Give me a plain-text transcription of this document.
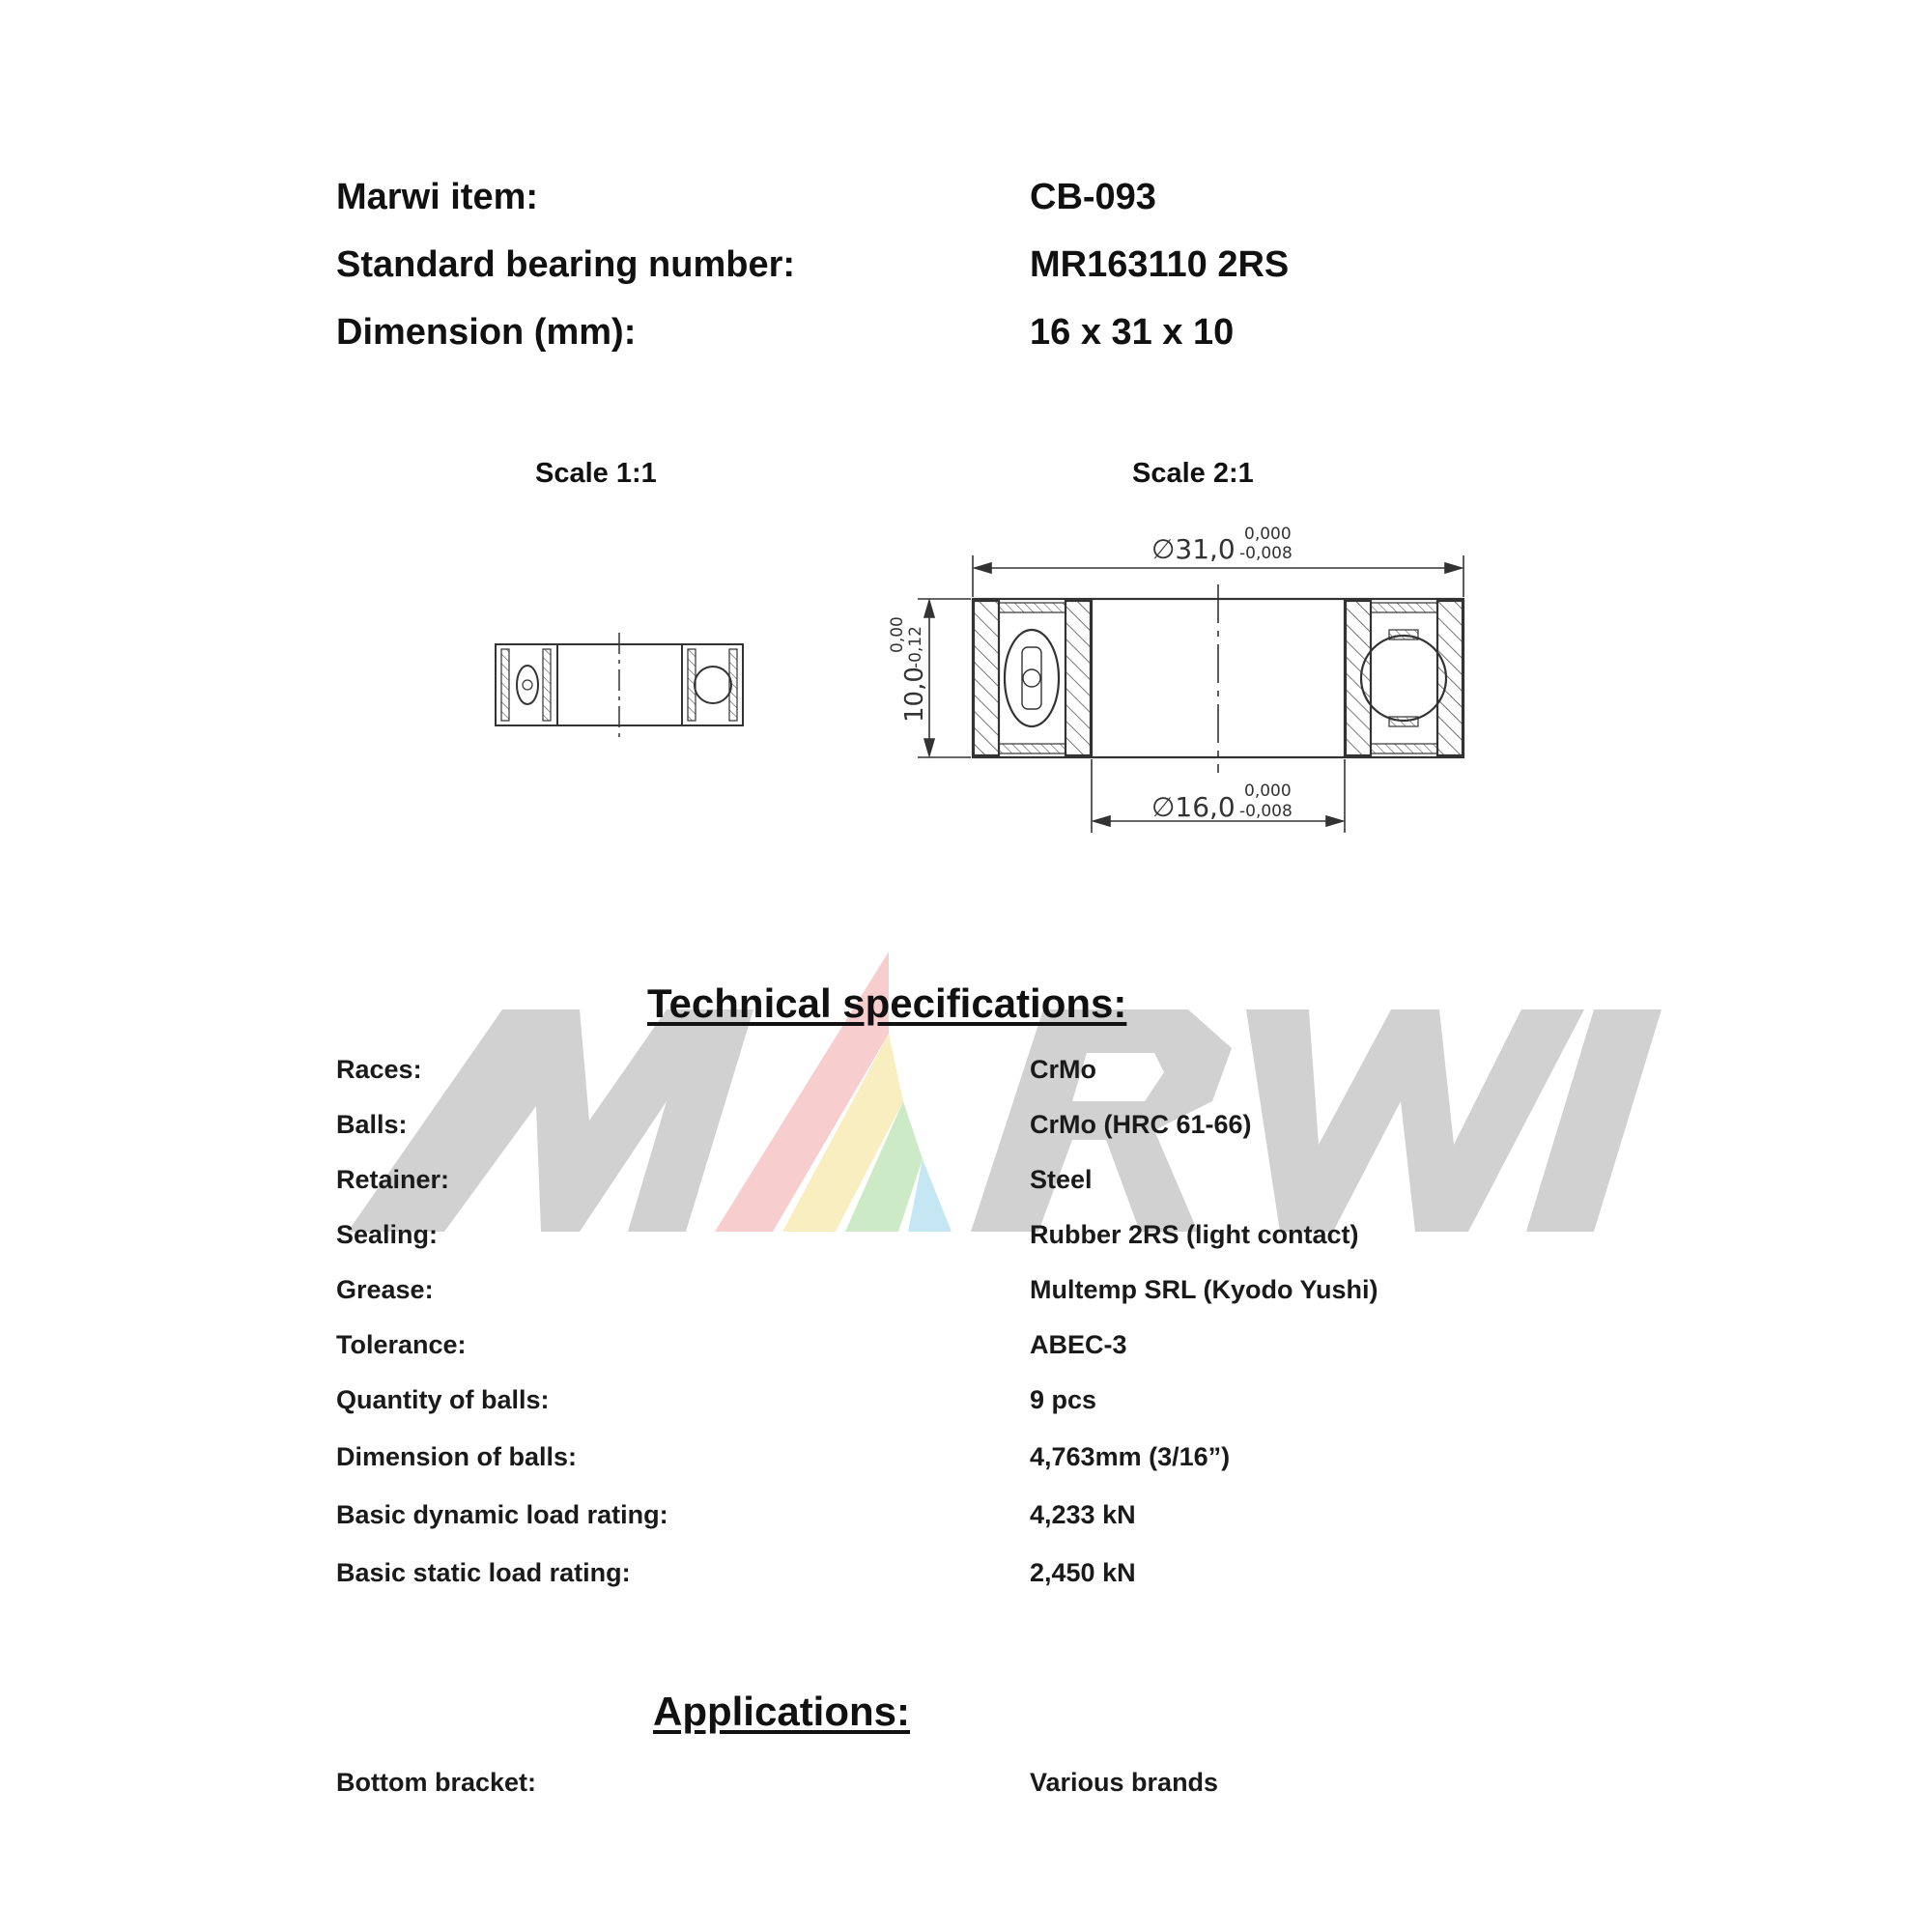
Marwi item:	CB-093
Standard bearing number:	MR163110 2RS
Dimension (mm):	16 x 31 x 10
Scale 1:1	Scale 2:1
∅31,0 0,000
-0,008
∅16,0 0,000
-0,008
10,0
0,00 -0,12
Technical specifications:
Races:	CrMo
Balls:	CrMo (HRC 61-66)
Retainer:	Steel
Sealing:	Rubber 2RS (light contact)
Grease:	Multemp SRL (Kyodo Yushi)
Tolerance:	ABEC-3
Quantity of balls:	9 pcs
Dimension of balls:	4,763mm (3/16”)
Basic dynamic load rating:	4,233 kN
Basic static load rating:	2,450 kN
Applications:
Bottom bracket:	Various brands
